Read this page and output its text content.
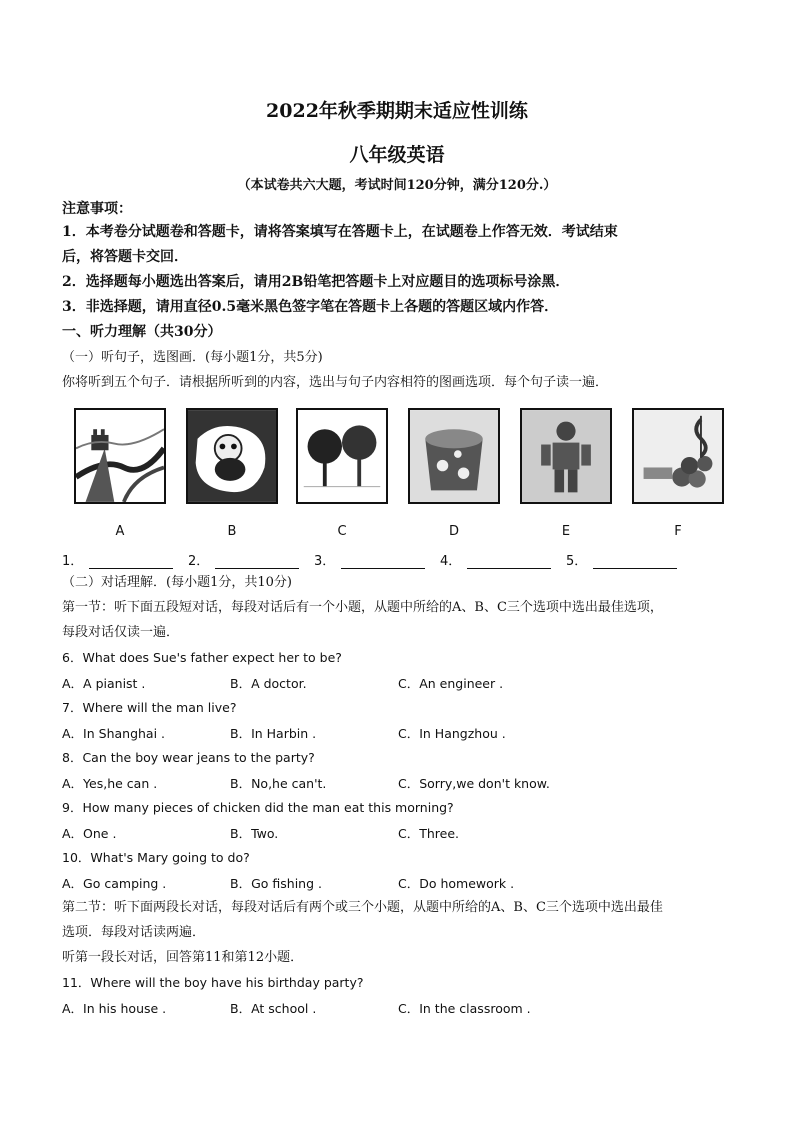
2022年秋季期期末适应性训练
八年级英语
（本试卷共六大题，考试时间120分钟，满分120分.）
注意事项：
1．本考卷分试题卷和答题卡，请将答案填写在答题卡上，在试题卷上作答无效．考试结束
后，将答题卡交回．
2．选择题每小题选出答案后，请用2B铅笔把答题卡上对应题目的选项标号涂黑．
3．非选择题，请用直径0.5毫米黑色签字笔在答题卡上各题的答题区域内作答．
一、听力理解（共30分）
（一）听句子，选图画．(每小题1分，共5分)
你将听到五个句子．请根据所听到的内容，选出与句子内容相符的图画选项．每个句子读一遍．
A	B	C	D	E	F
1．	2．	3．	4．	5．
（二）对话理解．(每小题1分，共10分)
第一节：听下面五段短对话，每段对话后有一个小题，从题中所给的A、B、C三个选项中选出最佳选项，
每段对话仅读一遍．
6．What does Sue's father expect her to be?
A．A pianist .	B．A doctor.	C．An engineer .
7．Where will the man live?
A．In Shanghai .	B．In Harbin .	C．In Hangzhou .
8．Can the boy wear jeans to the party?
A．Yes,he can .	B．No,he can't.	C．Sorry,we don't know.
9．How many pieces of chicken did the man eat this morning?
A．One .	B．Two.	C．Three.
10．What's Mary going to do?
A．Go camping .	B．Go fishing .	C．Do homework .
第二节：听下面两段长对话，每段对话后有两个或三个小题，从题中所给的A、B、C三个选项中选出最佳
选项．每段对话读两遍．
听第一段长对话，回答第11和第12小题．
11．Where will the boy have his birthday party?
A．In his house .	B．At school .	C．In the classroom .
